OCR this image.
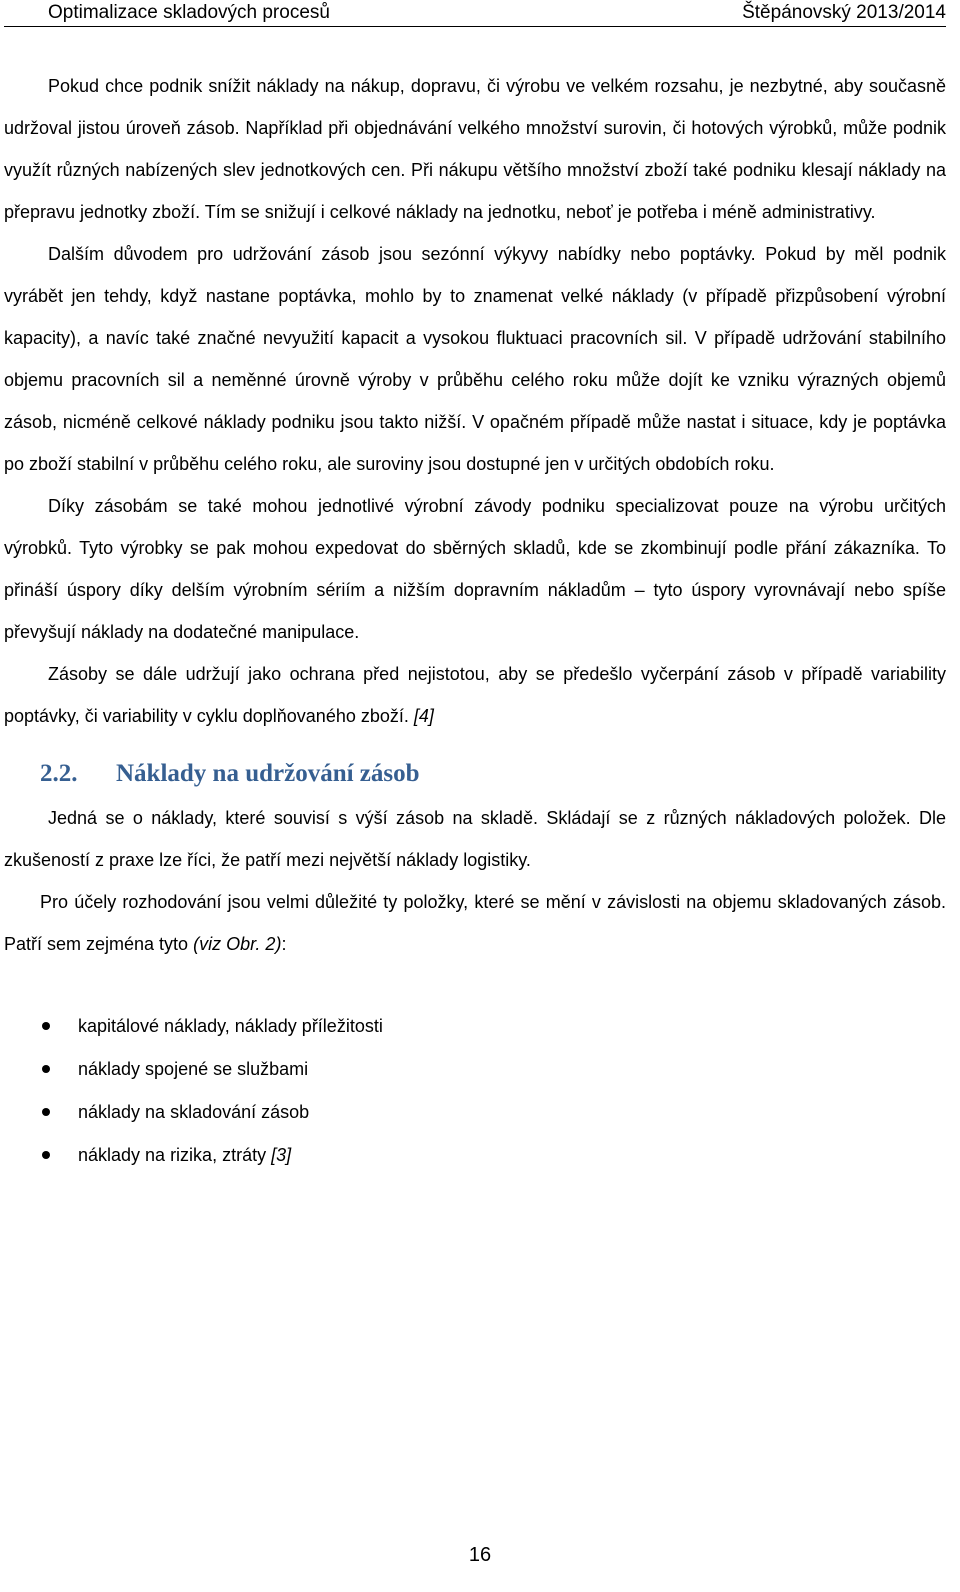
Optimalizace skladových procesů	Štěpánovský 2013/2014

Pokud chce podnik snížit náklady na nákup, dopravu, či výrobu ve velkém rozsahu, je nezbytné, aby současně udržoval jistou úroveň zásob. Například při objednávání velkého množství surovin, či hotových výrobků, může podnik využít různých nabízených slev jednotkových cen. Při nákupu většího množství zboží také podniku klesají náklady na přepravu jednotky zboží. Tím se snižují i celkové náklady na jednotku, neboť je potřeba i méně administrativy.

Dalším důvodem pro udržování zásob jsou sezónní výkyvy nabídky nebo poptávky. Pokud by měl podnik vyrábět jen tehdy, když nastane poptávka, mohlo by to znamenat velké náklady (v případě přizpůsobení výrobní kapacity), a navíc také značné nevyužití kapacit a vysokou fluktuaci pracovních sil. V případě udržování stabilního objemu pracovních sil a neměnné úrovně výroby v průběhu celého roku může dojít ke vzniku výrazných objemů zásob, nicméně celkové náklady podniku jsou takto nižší. V opačném případě může nastat i situace, kdy je poptávka po zboží stabilní v průběhu celého roku, ale suroviny jsou dostupné jen v určitých obdobích roku.

Díky zásobám se také mohou jednotlivé výrobní závody podniku specializovat pouze na výrobu určitých výrobků. Tyto výrobky se pak mohou expedovat do sběrných skladů, kde se zkombinují podle přání zákazníka. To přináší úspory díky delším výrobním sériím a nižším dopravním nákladům – tyto úspory vyrovnávají nebo spíše převyšují náklady na dodatečné manipulace.

Zásoby se dále udržují jako ochrana před nejistotou, aby se předešlo vyčerpání zásob v případě variability poptávky, či variability v cyklu doplňovaného zboží. [4]

2.2. Náklady na udržování zásob

Jedná se o náklady, které souvisí s výší zásob na skladě. Skládají se z různých nákladových položek. Dle zkušeností z praxe lze říci, že patří mezi největší náklady logistiky.

Pro účely rozhodování jsou velmi důležité ty položky, které se mění v závislosti na objemu skladovaných zásob. Patří sem zejména tyto (viz Obr. 2):

kapitálové náklady, náklady příležitosti
náklady spojené se službami
náklady na skladování zásob
náklady na rizika, ztráty [3]
16
